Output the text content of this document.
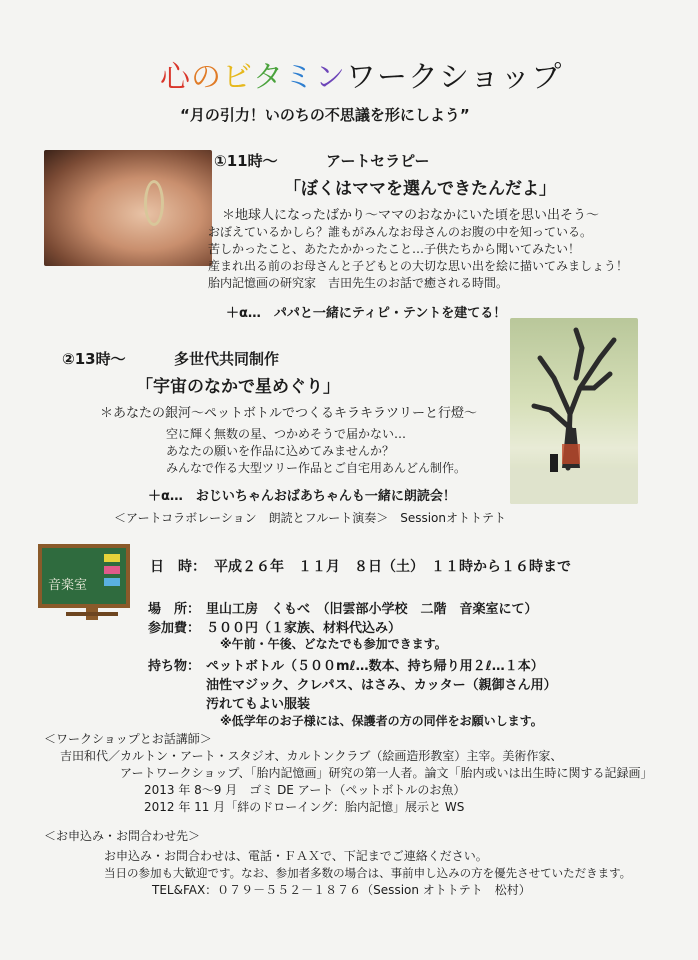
心のビタミンワークショップ
“月の引力！いのちの不思議を形にしよう”
①11時～	アートセラピー
「ぼくはママを選んできたんだよ」
＊地球人になったばかり～ママのおなかにいた頃を思い出そう～
おぼえているかしら？誰もがみんなお母さんのお腹の中を知っている。
苦しかったこと、あたたかかったこと…子供たちから聞いてみたい！
産まれ出る前のお母さんと子どもとの大切な思い出を絵に描いてみましょう！
胎内記憶画の研究家　吉田先生のお話で癒される時間。
＋α…　パパと一緒にティピ・テントを建てる！
②13時～	多世代共同制作
「宇宙のなかで星めぐり」
＊あなたの銀河～ペットボトルでつくるキラキラツリーと行燈～
空に輝く無数の星、つかめそうで届かない…
あなたの願いを作品に込めてみませんか？
みんなで作る大型ツリー作品とご自宅用あんどん制作。
＋α…　おじいちゃんおばあちゃんも一緒に朗読会！
＜アートコラボレーション　朗読とフルート演奏＞　Sessionオトトテト
音楽室
日　時： 平成２６年　１１月　８日（土）　１１時から１６時まで
場　所： 里山工房　くもべ　（旧雲部小学校　二階　音楽室にて）
参加費： ５００円（１家族、材料代込み）
※午前・午後、どなたでも参加できます。
持ち物： ペットボトル（５００mℓ…数本、持ち帰り用２ℓ…１本）
油性マジック、クレパス、はさみ、カッター（親御さん用）
汚れてもよい服装
※低学年のお子様には、保護者の方の同伴をお願いします。
＜ワークショップとお話講師＞
吉田和代／カルトン・アート・スタジオ、カルトンクラブ（絵画造形教室）主宰。美術作家、
アートワークショップ、「胎内記憶画」研究の第一人者。論文「胎内或いは出生時に関する記録画」
2013 年 8～9 月　ゴミ DE アート（ペットボトルのお魚）
2012 年 11 月「絆のドローイング：胎内記憶」展示と WS
＜お申込み・お問合わせ先＞
お申込み・お問合わせは、電話・ＦＡＸで、下記までご連絡ください。
当日の参加も大歓迎です。なお、参加者多数の場合は、事前申し込みの方を優先させていただきます。
TEL&FAX：０７９－５５２－１８７６（Session オトトテト　松村）
